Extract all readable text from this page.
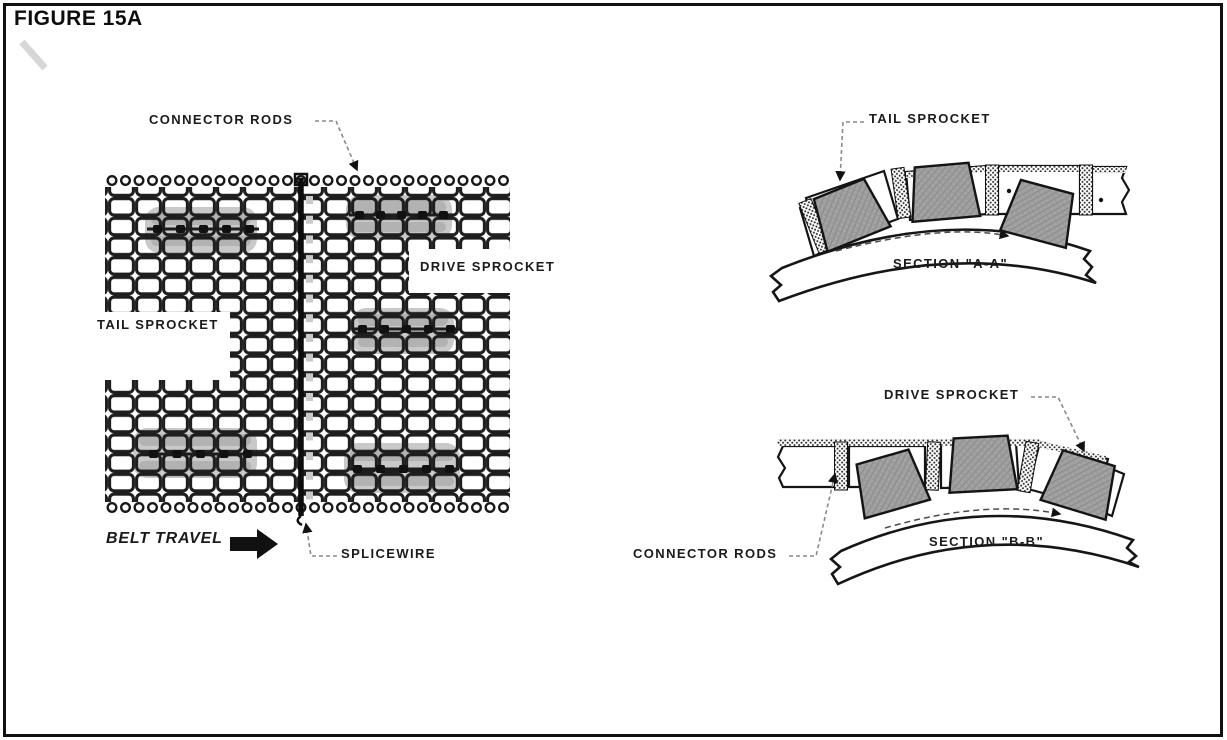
FIGURE 15A
CONNECTOR RODS
DRIVE SPROCKET
TAIL SPROCKET
BELT TRAVEL
SPLICEWIRE
TAIL SPROCKET
SECTION "A-A"
DRIVE SPROCKET
SECTION "B-B"
CONNECTOR RODS
